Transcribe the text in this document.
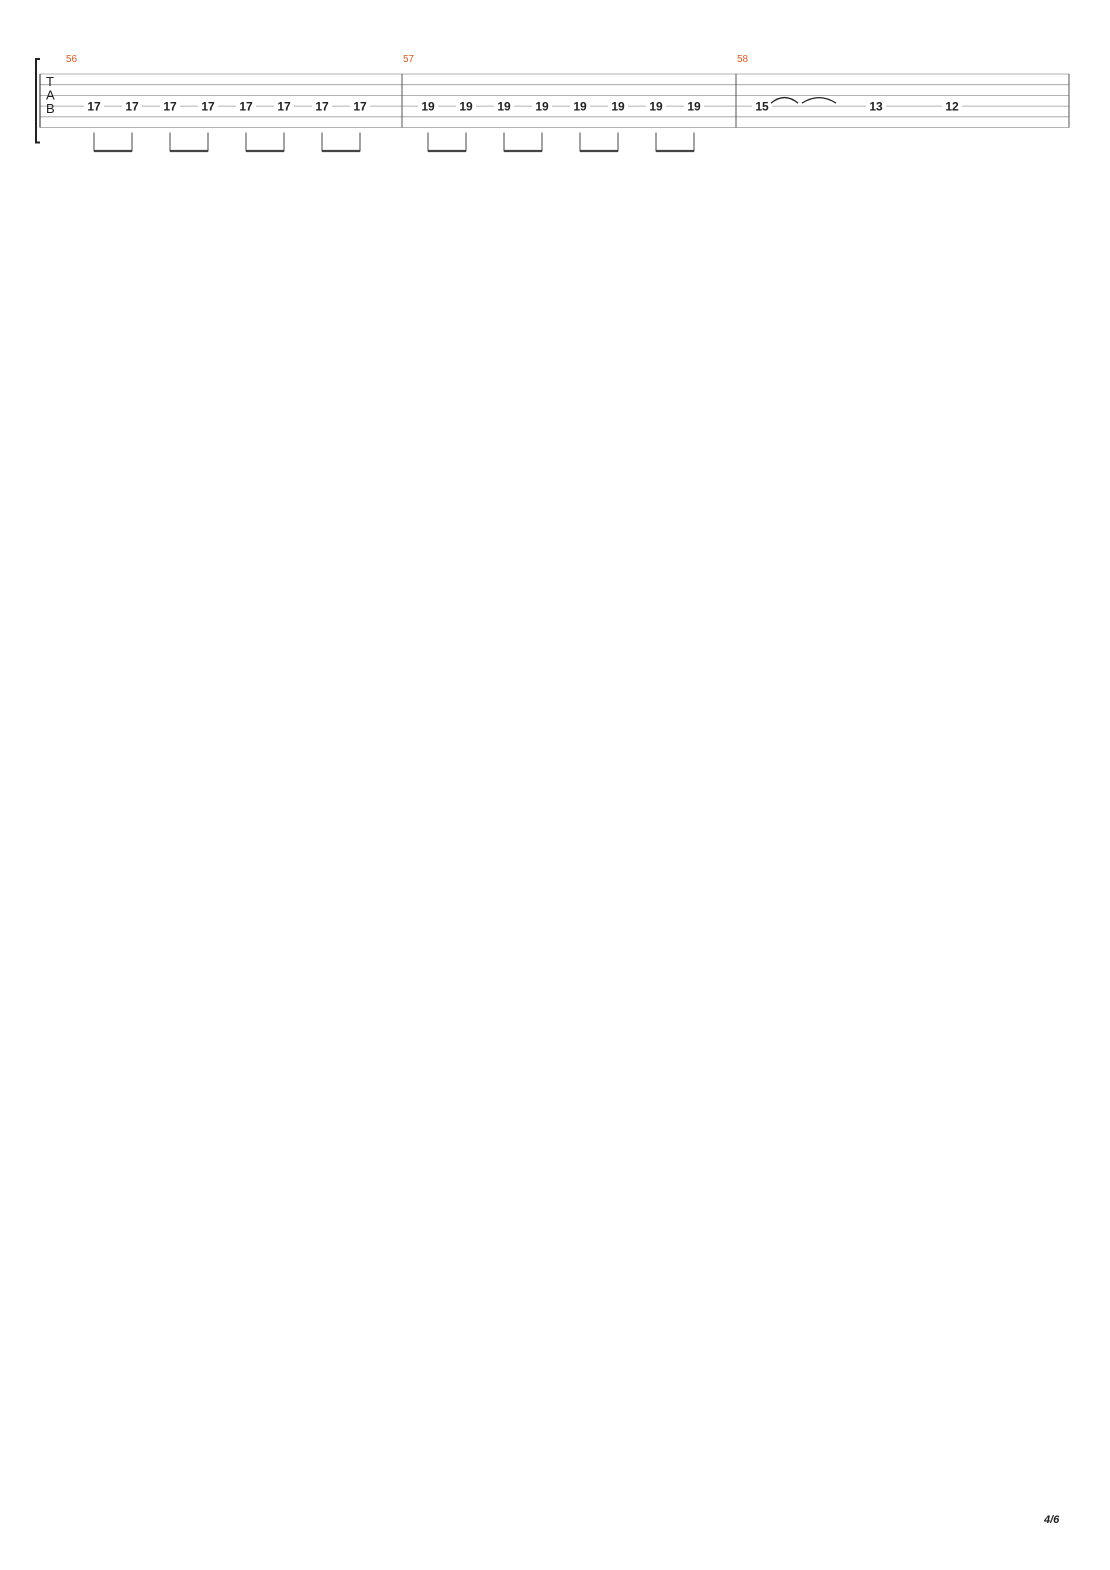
T
A
B
56	57	58
17 17 17 17 17 17 17 17	19 19 19 19 19 19 19 19	15	13	12
4/6
